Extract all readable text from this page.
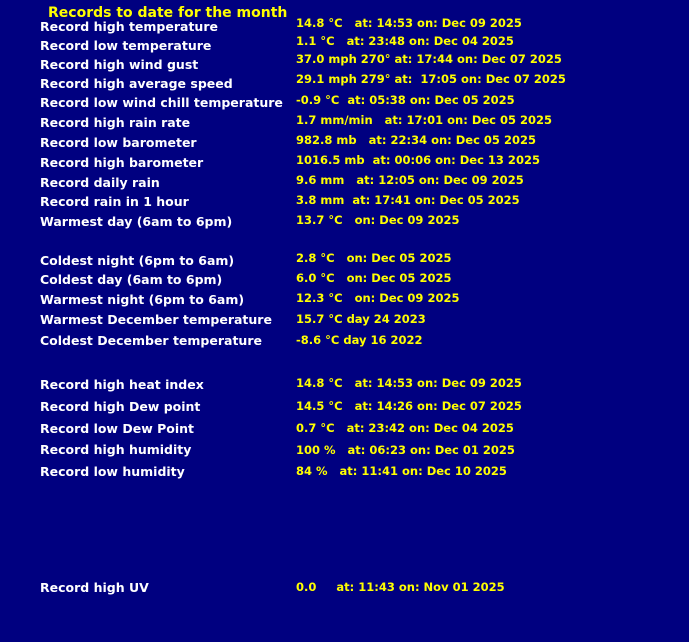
Records to date for the month
Record high temperature	14.8 °C   at: 14:53 on: Dec 09 2025
Record low temperature	1.1 °C   at: 23:48 on: Dec 04 2025
Record high wind gust	37.0 mph 270° at: 17:44 on: Dec 07 2025
Record high average speed	29.1 mph 279° at:  17:05 on: Dec 07 2025
Record low wind chill temperature -0.9 °C  at: 05:38 on: Dec 05 2025
Record high rain rate	1.7 mm/min   at: 17:01 on: Dec 05 2025
Record low barometer	982.8 mb   at: 22:34 on: Dec 05 2025
Record high barometer	1016.5 mb  at: 00:06 on: Dec 13 2025
Record daily rain	9.6 mm   at: 12:05 on: Dec 09 2025
Record rain in 1 hour	3.8 mm  at: 17:41 on: Dec 05 2025
Warmest day (6am to 6pm)	13.7 °C   on: Dec 09 2025
Coldest night (6pm to 6am)	2.8 °C   on: Dec 05 2025
Coldest day (6am to 6pm)	6.0 °C   on: Dec 05 2025
Warmest night (6pm to 6am)	12.3 °C   on: Dec 09 2025
Warmest December temperature 15.7 °C day 24 2023
Coldest December temperature	-8.6 °C day 16 2022
Record high heat index	14.8 °C   at: 14:53 on: Dec 09 2025
Record high Dew point	14.5 °C   at: 14:26 on: Dec 07 2025
Record low Dew Point	0.7 °C   at: 23:42 on: Dec 04 2025
Record high humidity	100 %   at: 06:23 on: Dec 01 2025
Record low humidity	84 %   at: 11:41 on: Dec 10 2025
Record high UV	0.0     at: 11:43 on: Nov 01 2025
